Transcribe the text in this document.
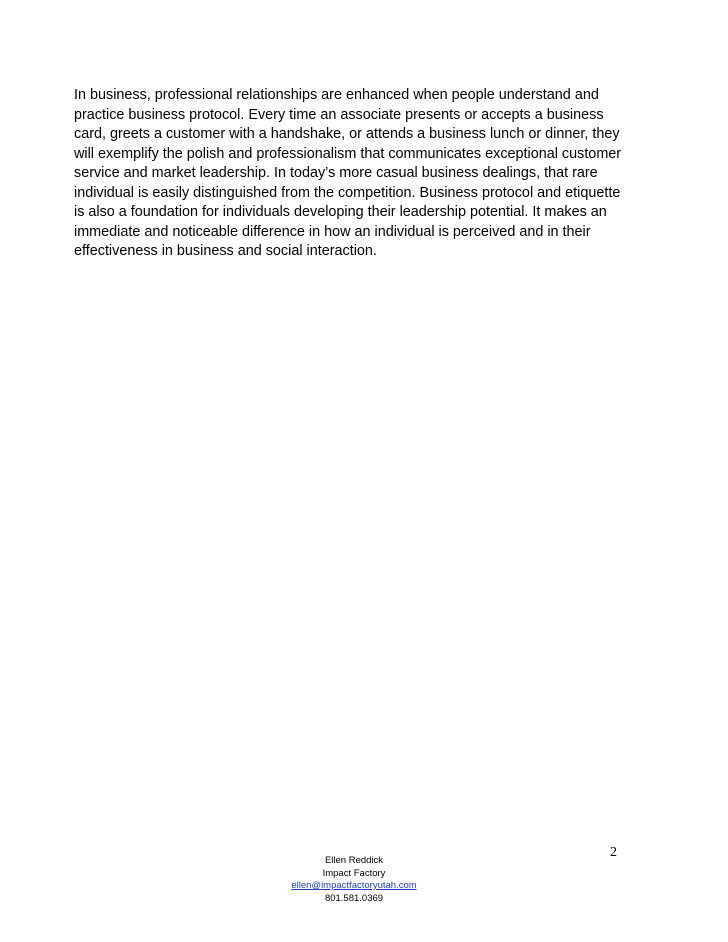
In business, professional relationships are enhanced when people understand and
practice business protocol. Every time an associate presents or accepts a business
card, greets a customer with a handshake, or attends a business lunch or dinner, they
will exemplify the polish and professionalism that communicates exceptional customer
service and market leadership. In today’s more casual business dealings, that rare
individual is easily distinguished from the competition. Business protocol and etiquette
is also a foundation for individuals developing their leadership potential. It makes an
immediate and noticeable difference in how an individual is perceived and in their
effectiveness in business and social interaction.

2
Ellen Reddick
Impact Factory
ellen@impactfactoryutah.com
801.581.0369
